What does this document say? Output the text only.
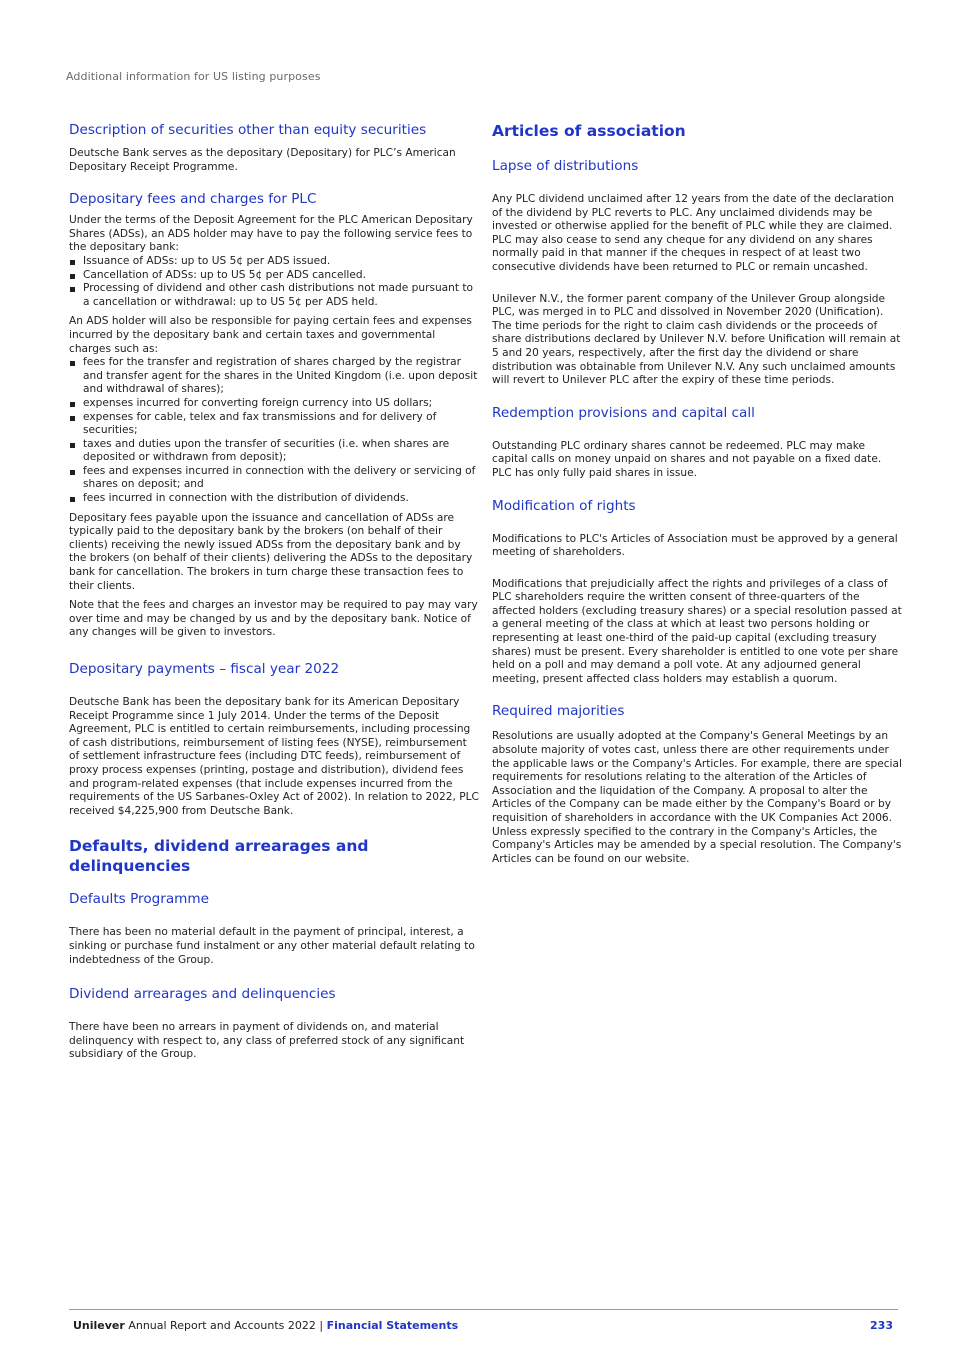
Additional information for US listing purposes
Description of securities other than equity securities

Deutsche Bank serves as the depositary (Depositary) for PLC’s American Depositary Receipt Programme.

Depositary fees and charges for PLC

Under the terms of the Deposit Agreement for the PLC American Depositary Shares (ADSs), an ADS holder may have to pay the following service fees to the depositary bank:

Issuance of ADSs: up to US 5¢ per ADS issued.
Cancellation of ADSs: up to US 5¢ per ADS cancelled.
Processing of dividend and other cash distributions not made pursuant to a cancellation or withdrawal: up to US 5¢ per ADS held.

An ADS holder will also be responsible for paying certain fees and expenses incurred by the depositary bank and certain taxes and governmental charges such as:

fees for the transfer and registration of shares charged by the registrar and transfer agent for the shares in the United Kingdom (i.e. upon deposit and withdrawal of shares);
expenses incurred for converting foreign currency into US dollars;
expenses for cable, telex and fax transmissions and for delivery of securities;
taxes and duties upon the transfer of securities (i.e. when shares are deposited or withdrawn from deposit);
fees and expenses incurred in connection with the delivery or servicing of shares on deposit; and
fees incurred in connection with the distribution of dividends.

Depositary fees payable upon the issuance and cancellation of ADSs are typically paid to the depositary bank by the brokers (on behalf of their clients) receiving the newly issued ADSs from the depositary bank and by the brokers (on behalf of their clients) delivering the ADSs to the depositary bank for cancellation. The brokers in turn charge these transaction fees to their clients.

Note that the fees and charges an investor may be required to pay may vary over time and may be changed by us and by the depositary bank. Notice of any changes will be given to investors.

Depositary payments – fiscal year 2022

Deutsche Bank has been the depositary bank for its American Depositary Receipt Programme since 1 July 2014. Under the terms of the Deposit Agreement, PLC is entitled to certain reimbursements, including processing of cash distributions, reimbursement of listing fees (NYSE), reimbursement of settlement infrastructure fees (including DTC feeds), reimbursement of proxy process expenses (printing, postage and distribution), dividend fees and program-related expenses (that include expenses incurred from the requirements of the US Sarbanes-Oxley Act of 2002). In relation to 2022, PLC received $4,225,900 from Deutsche Bank.

Defaults, dividend arrearages and delinquencies
Defaults Programme

There has been no material default in the payment of principal, interest, a sinking or purchase fund instalment or any other material default relating to indebtedness of the Group.

Dividend arrearages and delinquencies

There have been no arrears in payment of dividends on, and material delinquency with respect to, any class of preferred stock of any significant subsidiary of the Group.

Articles of association
Lapse of distributions

Any PLC dividend unclaimed after 12 years from the date of the declaration of the dividend by PLC reverts to PLC. Any unclaimed dividends may be invested or otherwise applied for the benefit of PLC while they are claimed. PLC may also cease to send any cheque for any dividend on any shares normally paid in that manner if the cheques in respect of at least two consecutive dividends have been returned to PLC or remain uncashed.

Unilever N.V., the former parent company of the Unilever Group alongside PLC, was merged in to PLC and dissolved in November 2020 (Unification). The time periods for the right to claim cash dividends or the proceeds of share distributions declared by Unilever N.V. before Unification will remain at 5 and 20 years, respectively, after the first day the dividend or share distribution was obtainable from Unilever N.V. Any such unclaimed amounts will revert to Unilever PLC after the expiry of these time periods.

Redemption provisions and capital call

Outstanding PLC ordinary shares cannot be redeemed. PLC may make capital calls on money unpaid on shares and not payable on a fixed date. PLC has only fully paid shares in issue.

Modification of rights

Modifications to PLC's Articles of Association must be approved by a general meeting of shareholders.

Modifications that prejudicially affect the rights and privileges of a class of PLC shareholders require the written consent of three-quarters of the affected holders (excluding treasury shares) or a special resolution passed at a general meeting of the class at which at least two persons holding or representing at least one-third of the paid-up capital (excluding treasury shares) must be present. Every shareholder is entitled to one vote per share held on a poll and may demand a poll vote. At any adjourned general meeting, present affected class holders may establish a quorum.

Required majorities

Resolutions are usually adopted at the Company's General Meetings by an absolute majority of votes cast, unless there are other requirements under the applicable laws or the Company's Articles. For example, there are special requirements for resolutions relating to the alteration of the Articles of Association and the liquidation of the Company. A proposal to alter the Articles of the Company can be made either by the Company's Board or by requisition of shareholders in accordance with the UK Companies Act 2006. Unless expressly specified to the contrary in the Company's Articles, the Company's Articles may be amended by a special resolution. The Company's Articles can be found on our website.

Unilever Annual Report and Accounts 2022 | Financial Statements	233
